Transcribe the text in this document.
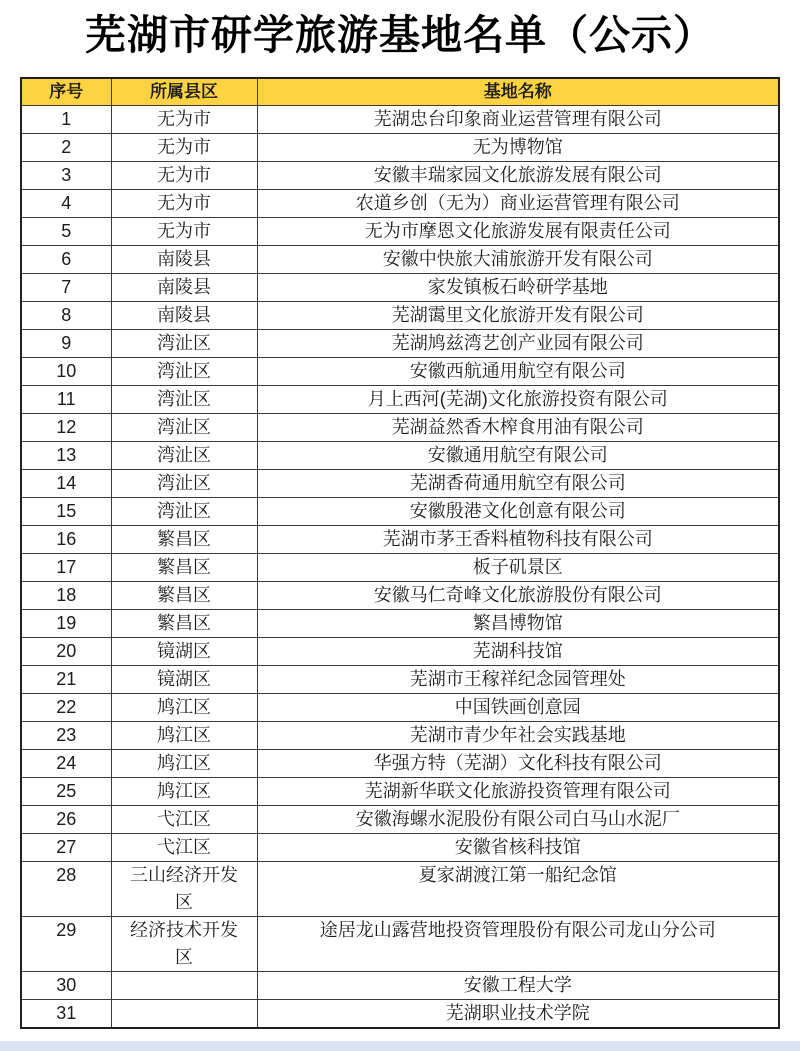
芜湖市研学旅游基地名单（公示）
序号	所属县区	基地名称
1	无为市	芜湖忠台印象商业运营管理有限公司
2	无为市	无为博物馆
3	无为市	安徽丰瑞家园文化旅游发展有限公司
4	无为市	农道乡创（无为）商业运营管理有限公司
5	无为市	无为市摩恩文化旅游发展有限责任公司
6	南陵县	安徽中快旅大浦旅游开发有限公司
7	南陵县	家发镇板石岭研学基地
8	南陵县	芜湖霭里文化旅游开发有限公司
9	湾沚区	芜湖鸠兹湾艺创产业园有限公司
10	湾沚区	安徽西航通用航空有限公司
11	湾沚区	月上西河(芜湖)文化旅游投资有限公司
12	湾沚区	芜湖益然香木榨食用油有限公司
13	湾沚区	安徽通用航空有限公司
14	湾沚区	芜湖香荷通用航空有限公司
15	湾沚区	安徽殷港文化创意有限公司
16	繁昌区	芜湖市茅王香料植物科技有限公司
17	繁昌区	板子矶景区
18	繁昌区	安徽马仁奇峰文化旅游股份有限公司
19	繁昌区	繁昌博物馆
20	镜湖区	芜湖科技馆
21	镜湖区	芜湖市王稼祥纪念园管理处
22	鸠江区	中国铁画创意园
23	鸠江区	芜湖市青少年社会实践基地
24	鸠江区	华强方特（芜湖）文化科技有限公司
25	鸠江区	芜湖新华联文化旅游投资管理有限公司
26	弋江区	安徽海螺水泥股份有限公司白马山水泥厂
27	弋江区	安徽省核科技馆
28	三山经济开发区	夏家湖渡江第一船纪念馆
29	经济技术开发区	途居龙山露营地投资管理股份有限公司龙山分公司
30		安徽工程大学
31		芜湖职业技术学院
